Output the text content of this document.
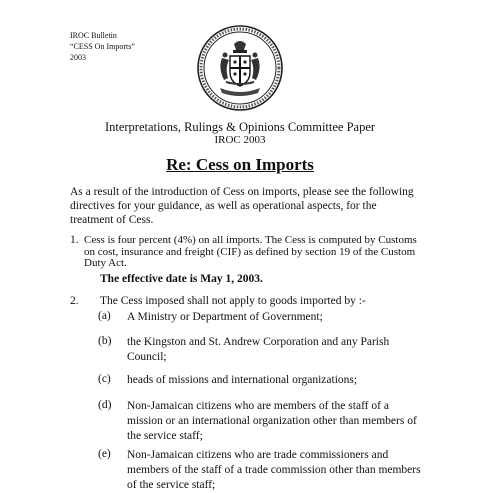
IROC Bulletin
“CESS On Imports”
2003
Interpretations, Rulings & Opinions Committee Paper
IROC 2003
Re: Cess on Imports
As a result of the introduction of Cess on imports, please see the following directives for your guidance, as well as operational aspects, for the treatment of Cess.
1. Cess is four percent (4%) on all imports. The Cess is computed by Customs on cost, insurance and freight (CIF) as defined by section 19 of the Custom Duty Act.
The effective date is May 1, 2003.
2. The Cess imposed shall not apply to goods imported by :-
(a) A Ministry or Department of Government;
(b) the Kingston and St. Andrew Corporation and any Parish Council;
(c) heads of missions and international organizations;
(d) Non-Jamaican citizens who are members of the staff of a mission or an international organization other than members of the service staff;
(e) Non-Jamaican citizens who are trade commissioners and members of the staff of a trade commission other than members of the service staff;
